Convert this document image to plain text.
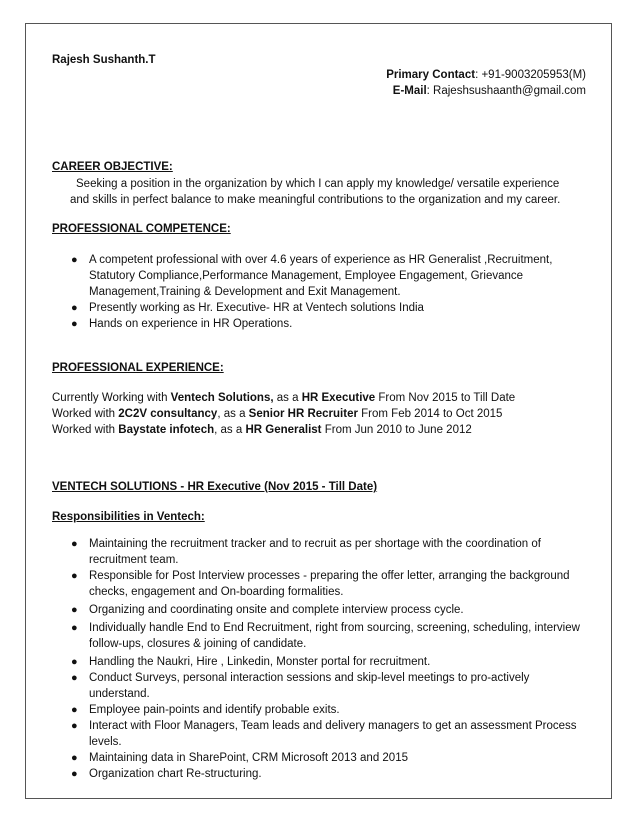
Rajesh Sushanth.T
Primary Contact: +91-9003205953(M)
E-Mail: Rajeshsushaanth@gmail.com
CAREER OBJECTIVE:
Seeking a position in the organization by which I can apply my knowledge/ versatile experience
and skills in perfect balance to make meaningful contributions to the organization and my career.
PROFESSIONAL COMPETENCE:
● A competent professional with over 4.6 years of experience as HR Generalist ,Recruitment, Statutory Compliance,Performance Management, Employee Engagement, Grievance Management,Training & Development and Exit Management.
● Presently working as Hr. Executive- HR at Ventech solutions India
● Hands on experience in HR Operations.
PROFESSIONAL EXPERIENCE:
Currently Working with Ventech Solutions, as a HR Executive From Nov 2015 to Till Date
Worked with 2C2V consultancy, as a Senior HR Recruiter From Feb 2014 to Oct 2015
Worked with Baystate infotech, as a HR Generalist From Jun 2010 to June 2012
VENTECH SOLUTIONS - HR Executive (Nov 2015 - Till Date)
Responsibilities in Ventech:
● Maintaining the recruitment tracker and to recruit as per shortage with the coordination of recruitment team.
● Responsible for Post Interview processes - preparing the offer letter, arranging the background checks, engagement and On-boarding formalities.
● Organizing and coordinating onsite and complete interview process cycle.
● Individually handle End to End Recruitment, right from sourcing, screening, scheduling, interview follow-ups, closures & joining of candidate.
● Handling the Naukri, Hire , Linkedin, Monster portal for recruitment.
● Conduct Surveys, personal interaction sessions and skip-level meetings to pro-actively understand.
● Employee pain-points and identify probable exits.
● Interact with Floor Managers, Team leads and delivery managers to get an assessment Process levels.
● Maintaining data in SharePoint, CRM Microsoft 2013 and 2015
● Organization chart Re-structuring.
